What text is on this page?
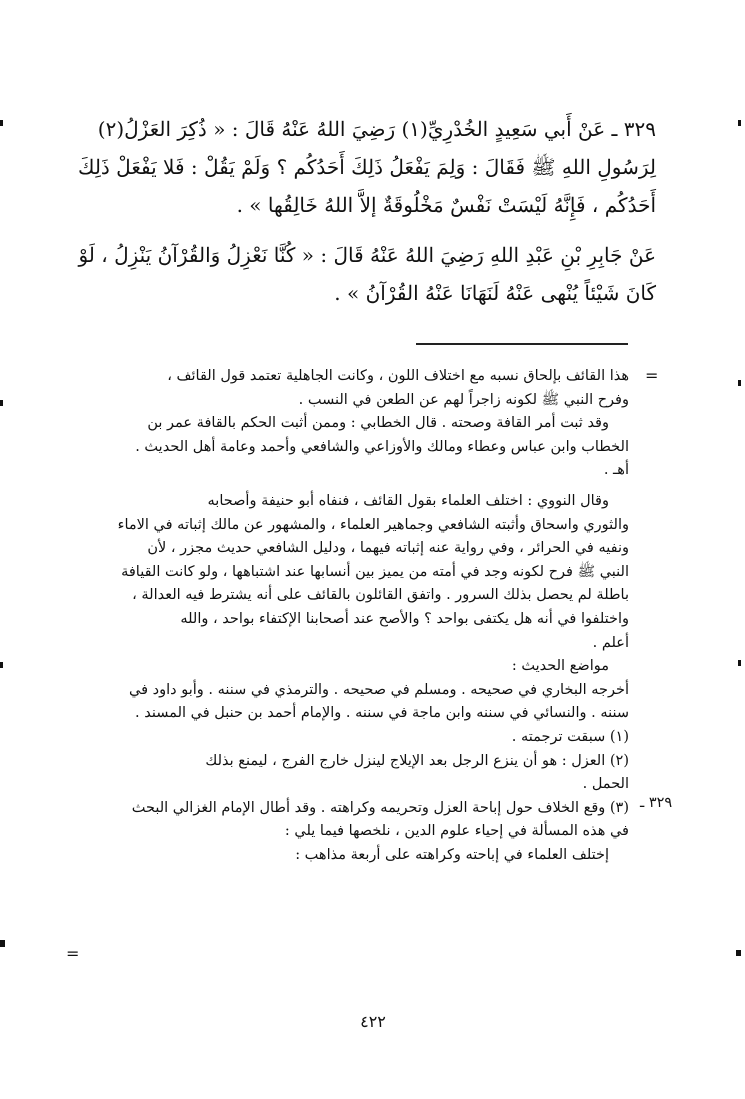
٣٢٩ ـ عَنْ أَبي سَعِيدٍ الخُدْرِيِّ(١) رَضِيَ اللهُ عَنْهُ قَالَ : « ذُكِرَ العَزْلُ(٢)

لِرَسُولِ اللهِ ﷺ فَقَالَ : وَلِمَ يَفْعَلُ ذَلِكَ أَحَدُكُم ؟ وَلَمْ يَقُلْ : فَلا يَفْعَلْ ذَلِكَ

أَحَدُكُم ، فَإِنَّهُ لَيْسَتْ نَفْسٌ مَخْلُوقَةٌ إلاَّ اللهُ خَالِقُها » .

عَنْ جَابِرِ بْنِ عَبْدِ اللهِ رَضِيَ اللهُ عَنْهُ قَالَ : « كُنَّا نَعْزِلُ وَالقُرْآنُ يَنْزِلُ ، لَوْ

كَانَ شَيْئاً يُنْهى عَنْهُ لَنَهَانَا عَنْهُ القُرْآنُ » .

=

هذا القائف بإلحاق نسبه مع اختلاف اللون ، وكانت الجاهلية تعتمد قول القائف ،

وفرح النبي ﷺ لكونه زاجراً لهم عن الطعن في النسب .

وقد ثبت أمر القافة وصحته . قال الخطابي : وممن أثبت الحكم بالقافة عمر بن

الخطاب وابن عباس وعطاء ومالك والأوزاعي والشافعي وأحمد وعامة أهل الحديث .

أهـ .

وقال النووي : اختلف العلماء بقول القائف ، فنفاه أبو حنيفة وأصحابه

والثوري واسحاق وأثبته الشافعي وجماهير العلماء ، والمشهور عن مالك إثباته في الاماء

ونفيه في الحرائر ، وفي رواية عنه إثباته فيهما ، ودليل الشافعي حديث مجزر ، لأن

النبي ﷺ فرح لكونه وجد في أمته من يميز بين أنسابها عند اشتباهها ، ولو كانت القيافة

باطلة لم يحصل بذلك السرور . واتفق القائلون بالقائف على أنه يشترط فيه العدالة ،

واختلفوا في أنه هل يكتفى بواحد ؟ والأصح عند أصحابنا الإكتفاء بواحد ، والله

أعلم .

مواضع الحديث :

أخرجه البخاري في صحيحه . ومسلم في صحيحه . والترمذي في سننه . وأبو داود في

سننه . والنسائي في سننه وابن ماجة في سننه . والإمام أحمد بن حنبل في المسند .

(١) سبقت ترجمته .

(٢) العزل : هو أن ينزع الرجل بعد الإيلاج لينزل خارج الفرج ، ليمنع بذلك

الحمل .

(٣) وقع الخلاف حول إباحة العزل وتحريمه وكراهته . وقد أطال الإمام الغزالي البحث

في هذه المسألة في إحياء علوم الدين ، نلخصها فيما يلي :

إختلف العلماء في إباحته وكراهته على أربعة مذاهب :

٣٢٩ ـ
=
٤٢٢
